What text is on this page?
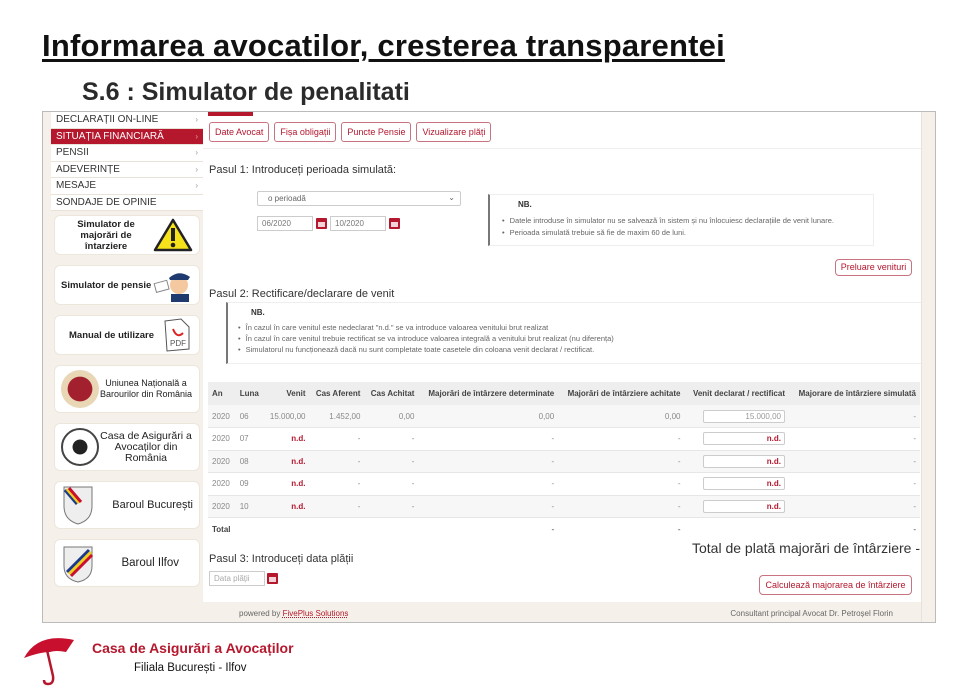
Informarea avocatilor, cresterea transparentei
S.6 : Simulator de penalitati
DECLARAȚII ON-LINE	›
SITUAȚIA FINANCIARĂ	›
PENSII	›
ADEVERINȚE	›
MESAJE	›
SONDAJE DE OPINIE
Simulator de majorări de întarziere
Simulator de pensie
Manual de utilizare
PDF
Uniunea Națională a Barourilor din România
Casa de Asigurări a Avocaților din România
Baroul București
Baroul Ilfov
Date Avocat	Fișa obligații	Puncte Pensie	Vizualizare plăți
Pasul 1: Introduceți perioada simulată:
o perioadă	⌄
06/2020	10/2020
NB.
• Datele introduse în simulator nu se salvează în sistem și nu înlocuiesc declarațiile de venit lunare.
• Perioada simulată trebuie să fie de maxim 60 de luni.
Preluare venituri
Pasul 2: Rectificare/declarare de venit
NB.
• În cazul în care venitul este nedeclarat "n.d." se va introduce valoarea venitului brut realizat
• În cazul în care venitul trebuie rectificat se va introduce valoarea integrală a venitului brut realizat (nu diferența)
• Simulatorul nu funcționează dacă nu sunt completate toate casetele din coloana venit declarat / rectificat.
An	Luna	Venit	Cas Aferent	Cas Achitat	Majorări de întârzere determinate	Majorări de întârziere achitate	Venit declarat / rectificat	Majorare de întârziere simulată
2020	06	15.000,00	1.452,00	0,00	0,00	0,00	15.000,00	-
2020	07	n.d.	-	-	-	-	n.d.	-
2020	08	n.d.	-	-	-	-	n.d.	-
2020	09	n.d.	-	-	-	-	n.d.	-
2020	10	n.d.	-	-	-	-	n.d.	-
Total					-	-		-
Total de plată majorări de întârziere -
Pasul 3: Introduceți data plății
Data plății
Calculează majorarea de întârziere
powered by FivePlus Solutions	Consultant principal Avocat Dr. Petroșel Florin
Casa de Asigurări a Avocaților
Filiala București - Ilfov
